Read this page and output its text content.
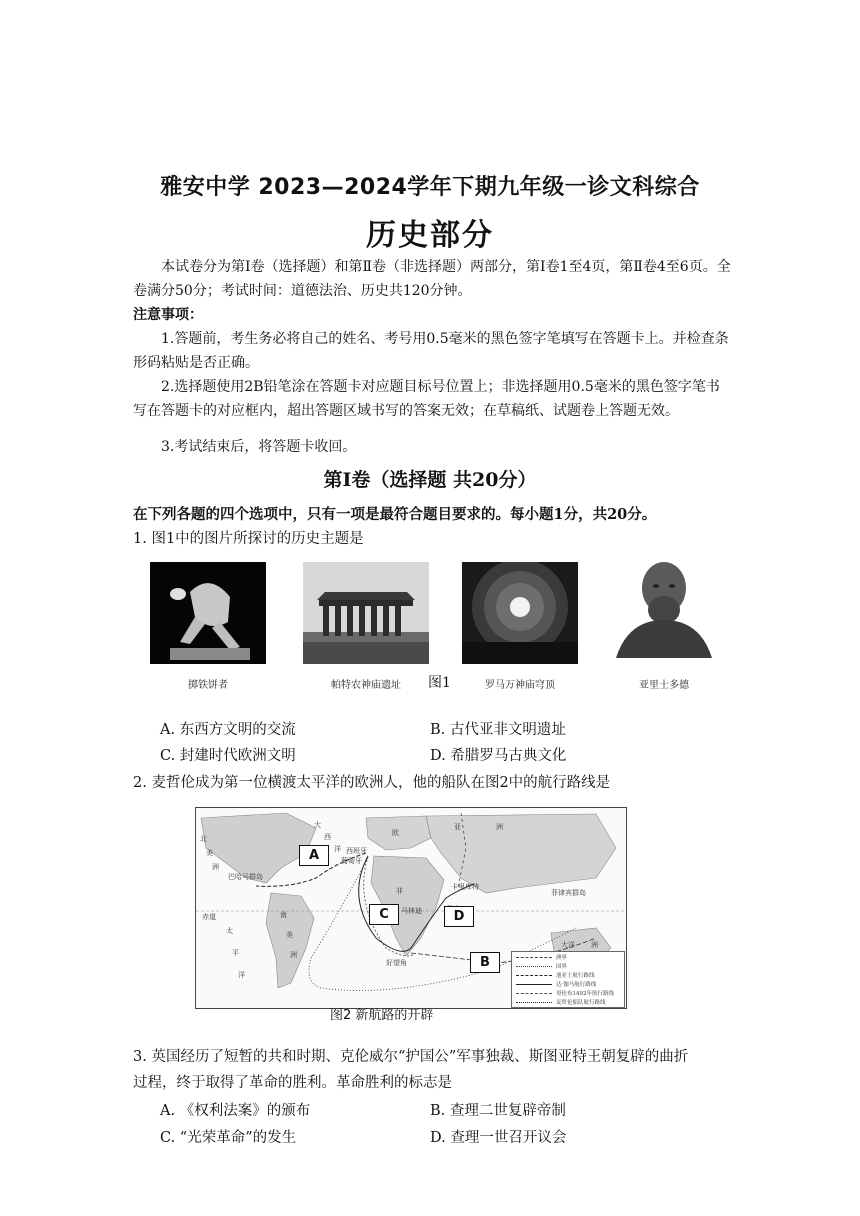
雅安中学 2023—2024学年下期九年级一诊文科综合
历史部分
本试卷分为第Ⅰ卷（选择题）和第Ⅱ卷（非选择题）两部分，第Ⅰ卷1至4页，第Ⅱ卷4至6页。全卷满分50分；考试时间：道德法治、历史共120分钟。
注意事项：
1.答题前，考生务必将自己的姓名、考号用0.5毫米的黑色签字笔填写在答题卡上。并检查条形码粘贴是否正确。
2.选择题使用2B铅笔涂在答题卡对应题目标号位置上；非选择题用0.5毫米的黑色签字笔书写在答题卡的对应框内，超出答题区域书写的答案无效；在草稿纸、试题卷上答题无效。
3.考试结束后，将答题卡收回。
第Ⅰ卷（选择题 共20分）
在下列各题的四个选项中，只有一项是最符合题目要求的。每小题1分，共20分。
1. 图1中的图片所探讨的历史主题是
掷铁饼者	帕特农神庙遗址	图1	罗马万神庙穹顶	亚里士多德
A. 东西方文明的交流	B. 古代亚非文明遗址
C. 封建时代欧洲文明	D. 希腊罗马古典文化
2. 麦哲伦成为第一位横渡太平洋的欧洲人，他的船队在图2中的航行路线是
北
美
洲
大
西
洋
亚	洲
欧
非
南
美
洲
太
平
洋
大洋 洲
马林迪
卡里库特
好望角
西班牙
葡萄牙
巴哈马群岛
菲律宾群岛
赤道
A
B
C	D
洲界
国界
迪亚士航行路线
达·伽马航行路线
哥伦布1492年航行路线
麦哲伦船队航行路线
图2 新航路的开辟
3. 英国经历了短暂的共和时期、克伦威尔“护国公”军事独裁、斯图亚特王朝复辟的曲折
过程，终于取得了革命的胜利。革命胜利的标志是
A. 《权利法案》的颁布	B. 查理二世复辟帝制
C. “光荣革命”的发生	D. 查理一世召开议会
